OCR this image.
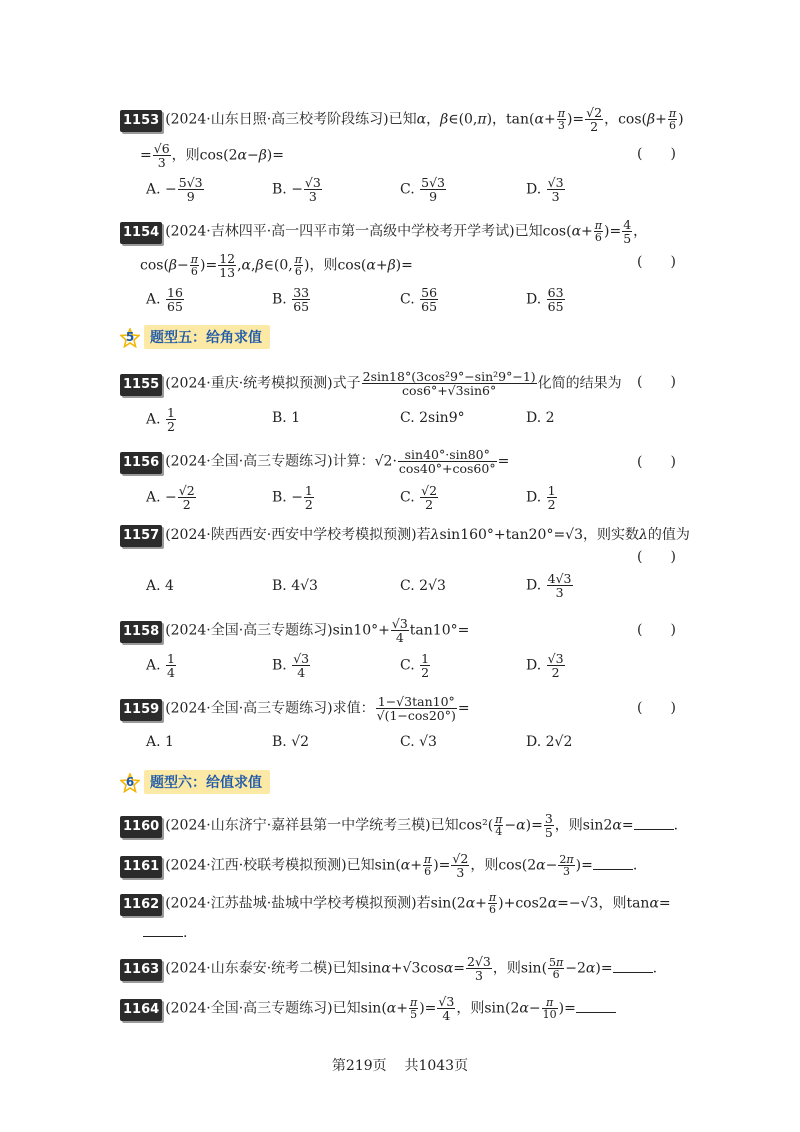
1153 (2024·山东日照·高三校考阶段练习)已知α，β∈(0,π)，$\tan(\alpha+ \frac{\pi}{3}$ )= $\frac{√2}{2}$ ，$\cos(\beta+ \frac{\pi}{6}$ )
= $\frac{√6}{3}$ ，则cos(2α−β)=	(　　)
A. − $\frac{5√3}{9}$	B. − $\frac{√3}{3}$	C. $\frac{5√3}{9}$	D. $\frac{√3}{3}$
1154 (2024·吉林四平·高一四平市第一高级中学校考开学考试)已知$\cos(\alpha+ \frac{\pi}{6}$ )= $\frac{4}{5}$ ，
$\cos(\beta- \frac{\pi}{6}$ )= $\frac{12}{13}$ ,α,β∈(0, $\frac{\pi}{6}$ )，则cos(α+β)=	(　　)
A. $\frac{16}{65}$	B. $\frac{33}{65}$	C. $\frac{56}{65}$	D. $\frac{63}{65}$
5	题型五：给角求值
1155 (2024·重庆·统考模拟预测)式子 $\frac{\text{2sin18°(3cos²9°−sin²9°−1)}}{\cos 6^\circ+√3\sin 6^\circ}$ 化简的结果为 (　　)
A. $\frac{1}{2}$	B. 1	C. 2sin9°	D. 2
1156 (2024·全国·高三专题练习)计算：$√2\cdot \frac{\sin 40^\circ\cdot\sin 80^\circ}{\cos 40^\circ+\cos 60^\circ}$ =	(　　)
A. − $\frac{√2}{2}$	B. − $\frac{1}{2}$	C. $\frac{√2}{2}$	D. $\frac{1}{2}$
1157 (2024·陕西西安·西安中学校考模拟预测)若λsin160°+tan20°=√3，则实数λ的值为
(　　)
A. 4	B. 4√3	C. 2√3	D. $\frac{4√3}{3}$
1158 (2024·全国·高三专题练习)$\sin 10^\circ+ \frac{√3}{4} \tan 10^\circ=$	(　　)
A. $\frac{1}{4}$	B. $\frac{√3}{4}$	C. $\frac{1}{2}$	D. $\frac{√3}{2}$
1159 (2024·全国·高三专题练习)求值： $\frac{1-√3\tan 10^\circ}{√(1-\cos 20^\circ)}$ =	(　　)
A. 1	B. √2	C. √3	D. 2√2
6	题型六：给值求值
1160 (2024·山东济宁·嘉祥县第一中学统考三模)已知$\cos^2( \frac{\pi}{4} -\alpha)= \frac{3}{5}$ ，则sin2α=	.
1161 (2024·江西·校联考模拟预测)已知$\sin(\alpha+ \frac{\pi}{6}$ )= $\frac{√2}{3}$ ，则$\cos(2\alpha- \frac{2\pi}{3}$ )=	.
1162 (2024·江苏盐城·盐城中学校考模拟预测)若$\sin(2\alpha+ \frac{\pi}{6} )+\cos 2\alpha=-√3$，则tanα=
.
1163 (2024·山东泰安·统考二模)已知$\sin\alpha+√3\cos\alpha= \frac{2√3}{3}$ ，则$\sin( \frac{5\pi}{6} -2\alpha)=$	.
1164 (2024·全国·高三专题练习)已知$\sin(\alpha+ \frac{\pi}{5}$ )= $\frac{√3}{4}$ ，则$\sin(2\alpha- \frac{\pi}{10}$ )=
第219页 共1043页
